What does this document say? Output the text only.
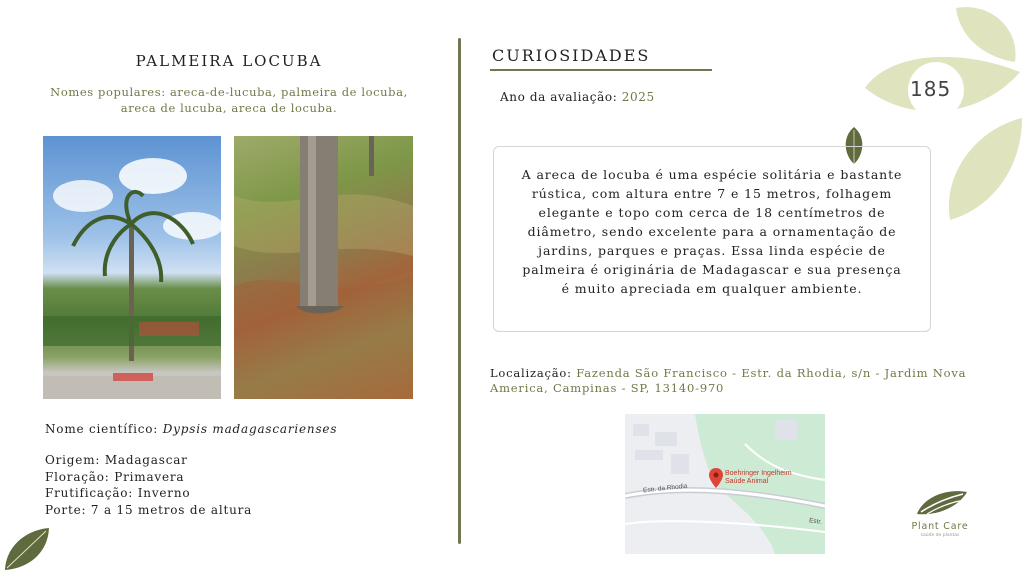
185
PALMEIRA LOCUBA
Nomes populares: areca-de-lucuba, palmeira de locuba,
areca de lucuba, areca de locuba.
Nome científico: Dypsis madagascarienses
Origem: Madagascar
Floração: Primavera
Frutificação: Inverno
Porte: 7 a 15 metros de altura
CURIOSIDADES
Ano da avaliação: 2025

A areca de locuba é uma espécie solitária e bastante rústica, com altura entre 7 e 15 metros, folhagem elegante e topo com cerca de 18 centímetros de diâmetro, sendo excelente para a ornamentação de jardins, parques e praças. Essa linda espécie de palmeira é originária de Madagascar e sua presença é muito apreciada em qualquer ambiente.

Localização: Fazenda São Francisco - Estr. da Rhodia, s/n - Jardim Nova America, Campinas - SP, 13140-970
Boehringer Ingelheim
Saúde Animal
Estr. da Rhodia
Estr.	Plant Care
saúde de plantas
